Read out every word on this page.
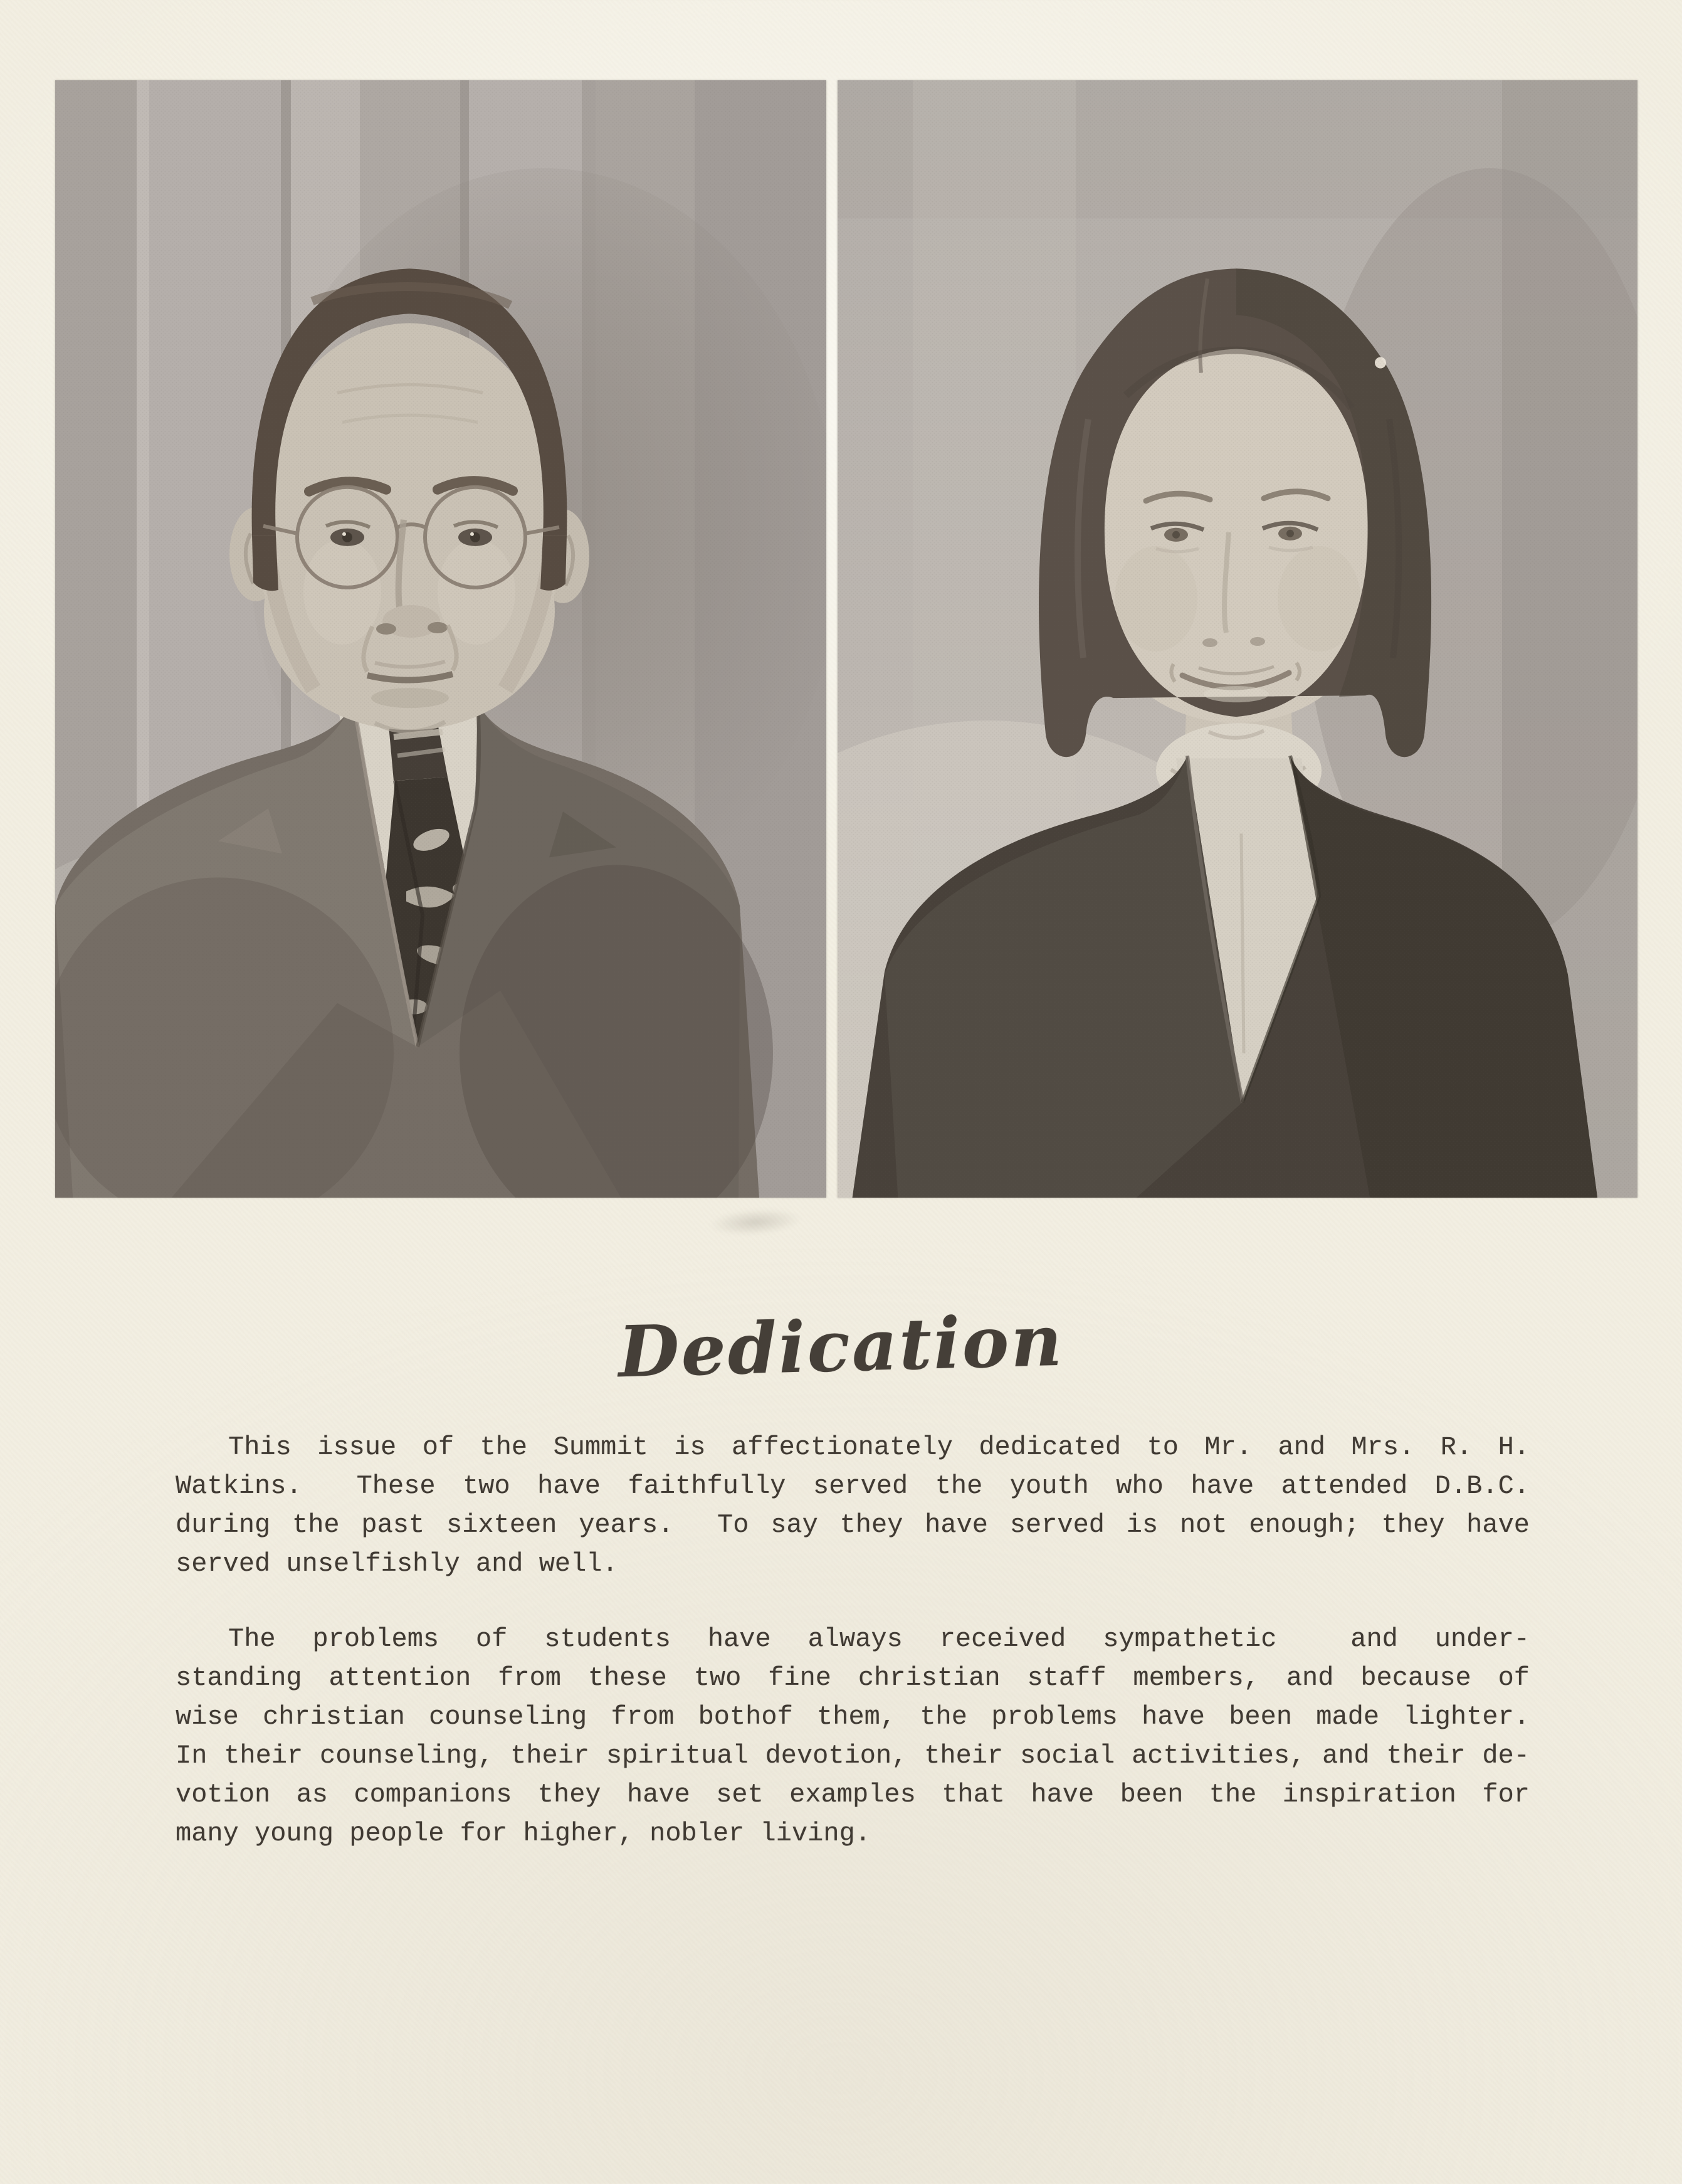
Dedication
This issue of the Summit is affectionately dedicated to Mr. and Mrs. R. H.
Watkins.  These two have faithfully served the youth who have attended D.B.C.
during the past sixteen years.  To say they have served is not enough; they have
served unselfishly and well.
The problems of students have always received sympathetic  and under-
standing attention from these two fine christian staff members, and because of
wise christian counseling from bothof them, the problems have been made lighter.
In their counseling, their spiritual devotion, their social activities, and their de-
votion as companions they have set examples that have been the inspiration for
many young people for higher, nobler living.
